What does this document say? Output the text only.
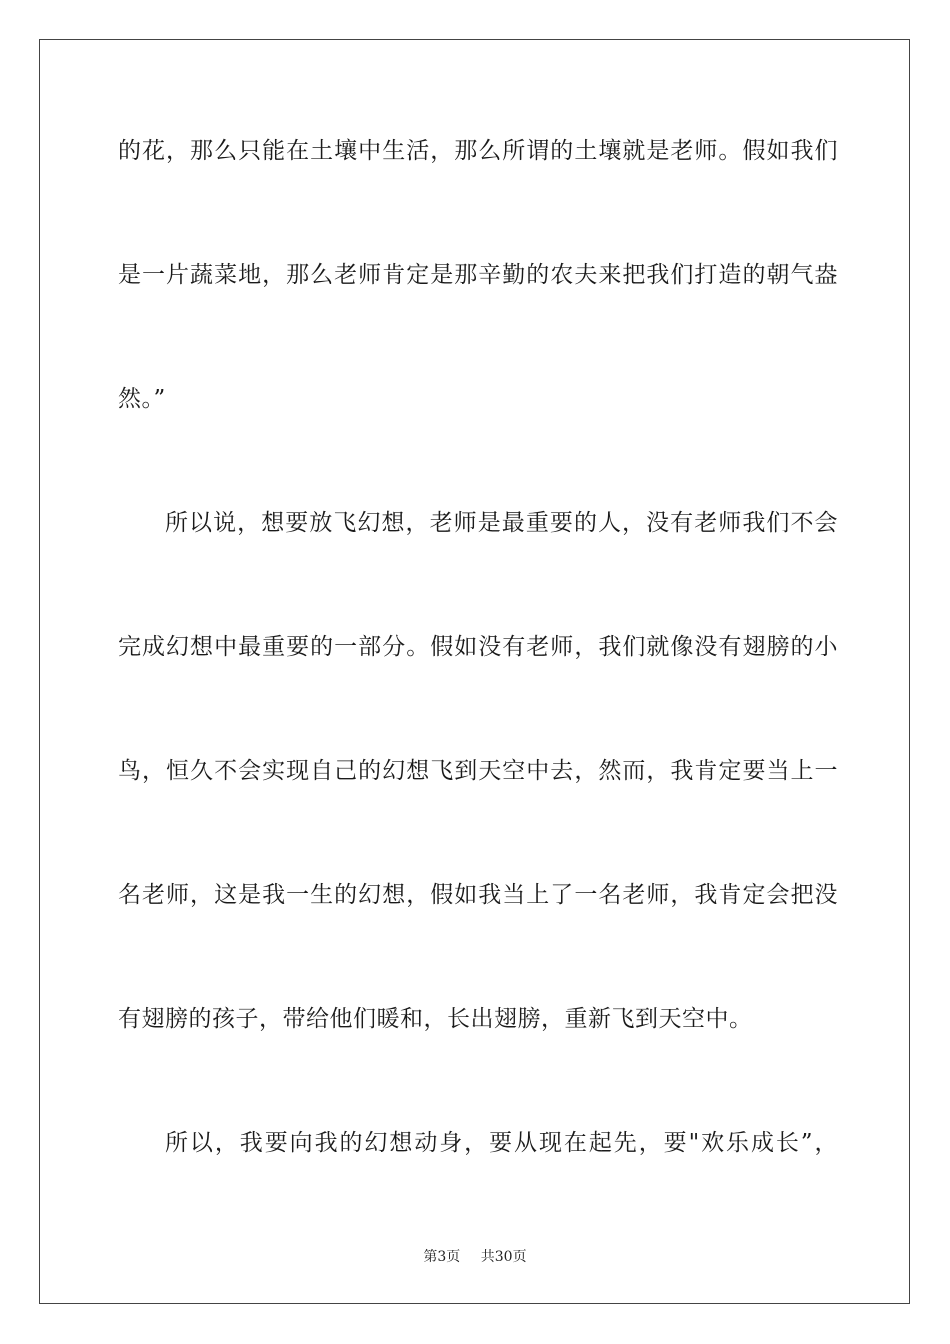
的花，那么只能在土壤中生活，那么所谓的土壤就是老师。假如我们
是一片蔬菜地，那么老师肯定是那辛勤的农夫来把我们打造的朝气盎
然。”
所以说，想要放飞幻想，老师是最重要的人，没有老师我们不会
完成幻想中最重要的一部分。假如没有老师，我们就像没有翅膀的小
鸟，恒久不会实现自己的幻想飞到天空中去，然而，我肯定要当上一
名老师，这是我一生的幻想，假如我当上了一名老师，我肯定会把没
有翅膀的孩子，带给他们暖和，长出翅膀，重新飞到天空中。
所以，我要向我的幻想动身，要从现在起先，要"欢乐成长”，
第3页 共30页
